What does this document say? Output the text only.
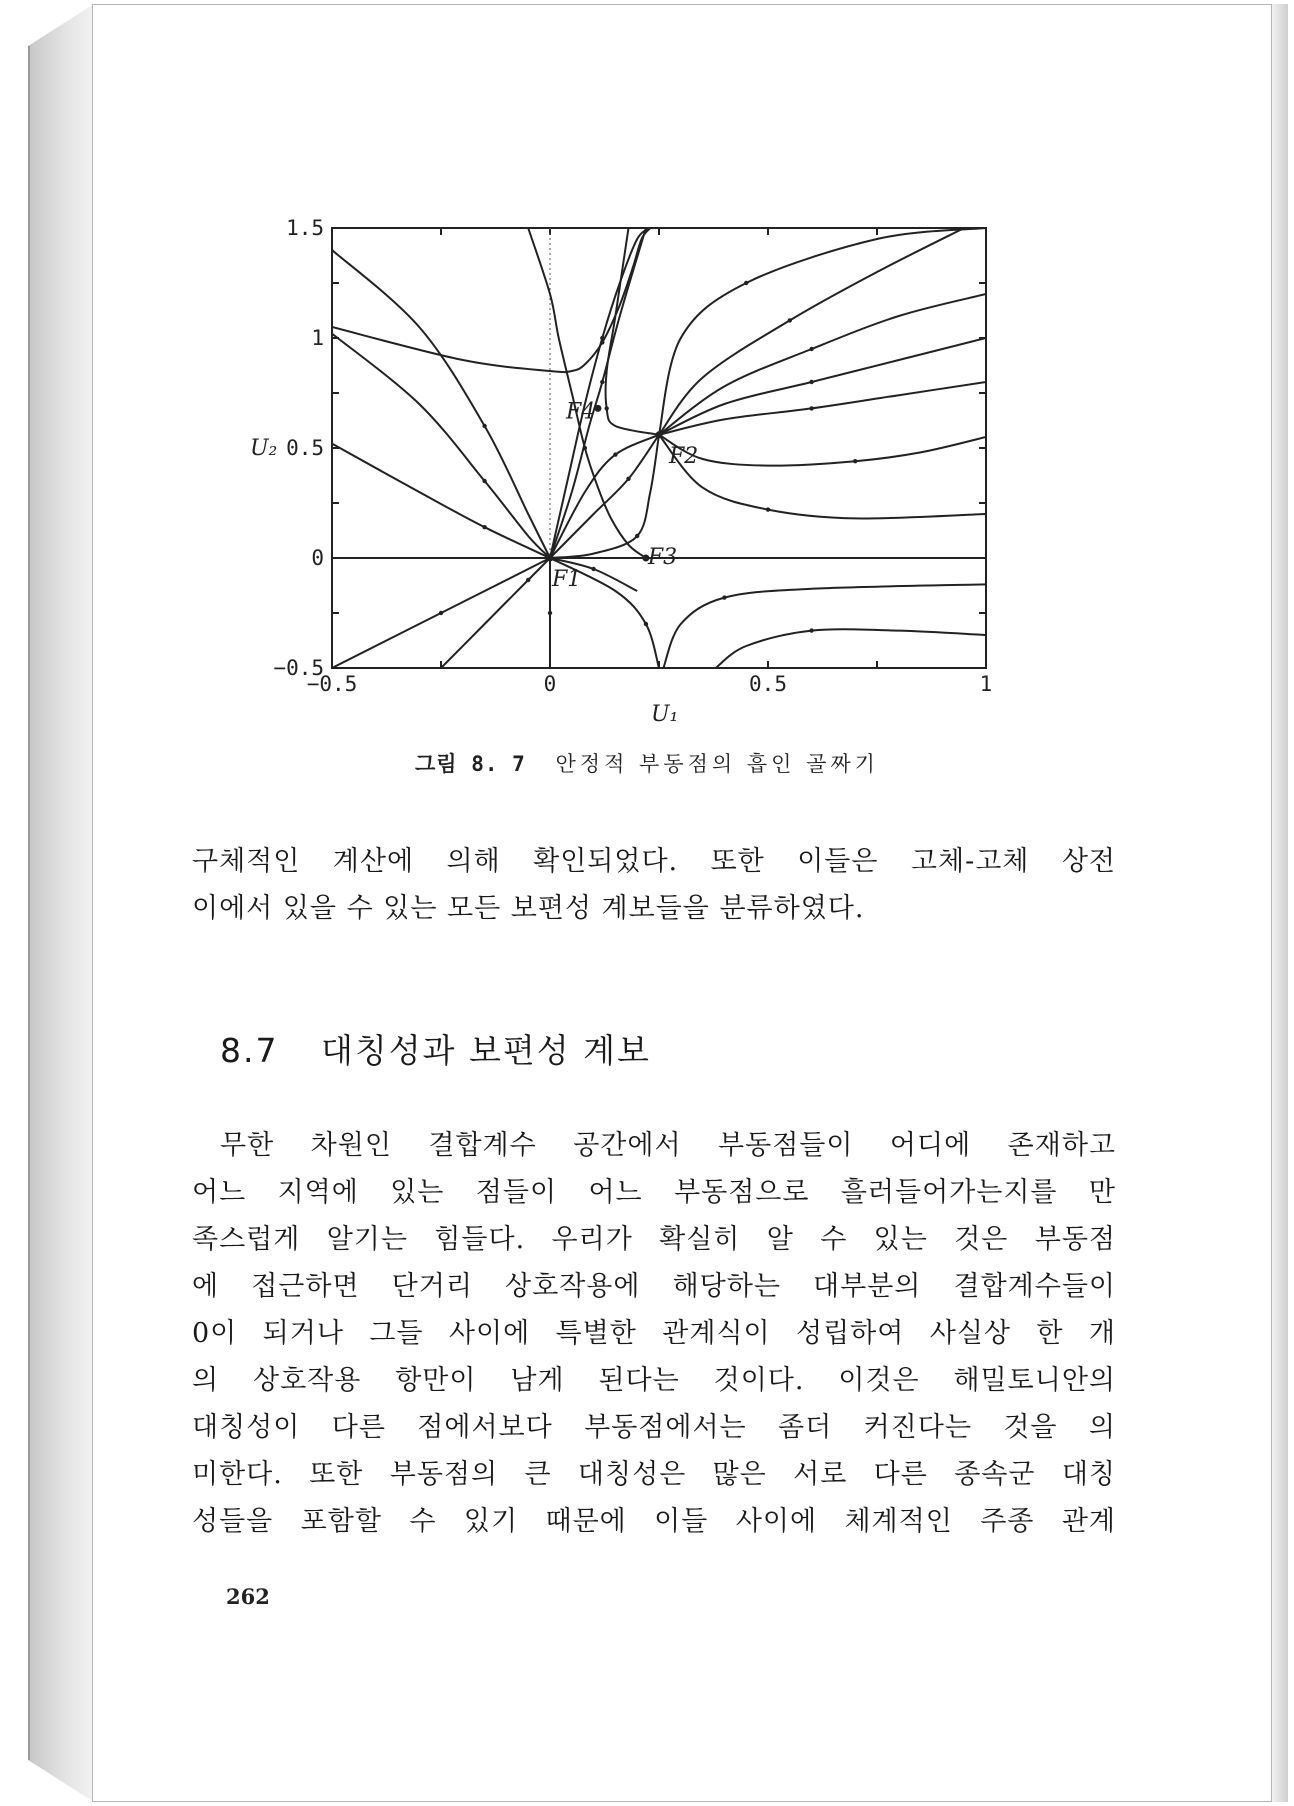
−0.5	0	0.5	1
1.5
1
0.5
0
−0.5
F1
F2
F3
F4
U₂
U₁
그림 8. 7 안정적 부동점의 흡인 골짜기
구체적인 계산에 의해 확인되었다. 또한 이들은 고체-고체 상전
이에서 있을 수 있는 모든 보편성 계보들을 분류하였다.
8.7 대칭성과 보편성 계보
무한 차원인 결합계수 공간에서 부동점들이 어디에 존재하고
어느 지역에 있는 점들이 어느 부동점으로 흘러들어가는지를 만
족스럽게 알기는 힘들다. 우리가 확실히 알 수 있는 것은 부동점
에 접근하면 단거리 상호작용에 해당하는 대부분의 결합계수들이
0이 되거나 그들 사이에 특별한 관계식이 성립하여 사실상 한 개
의 상호작용 항만이 남게 된다는 것이다. 이것은 해밀토니안의
대칭성이 다른 점에서보다 부동점에서는 좀더 커진다는 것을 의
미한다. 또한 부동점의 큰 대칭성은 많은 서로 다른 종속군 대칭
성들을 포함할 수 있기 때문에 이들 사이에 체계적인 주종 관계
262
